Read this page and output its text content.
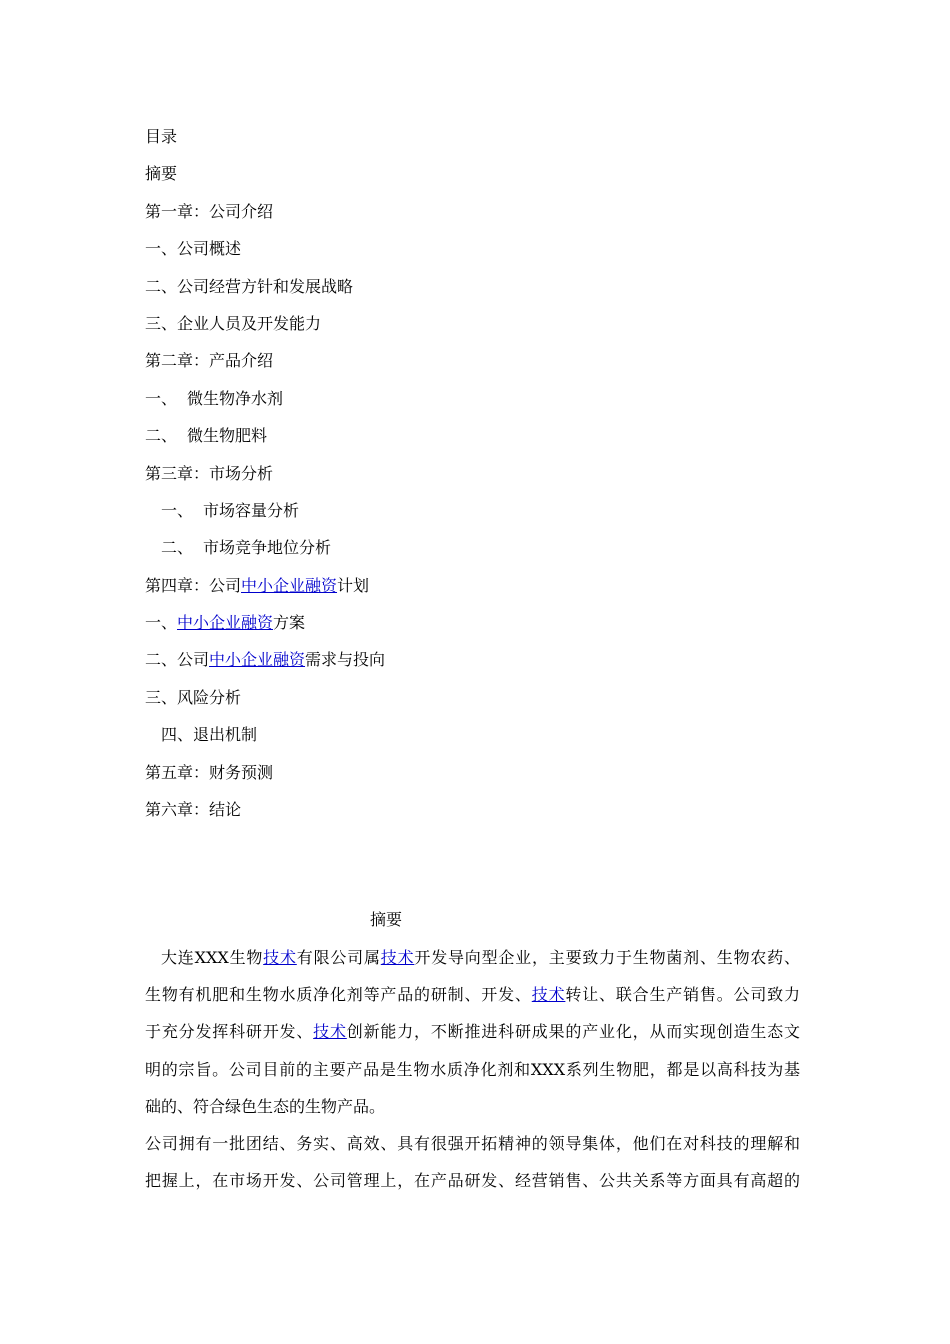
目录
摘要
第一章：公司介绍
一、公司概述
二、公司经营方针和发展战略
三、企业人员及开发能力
第二章：产品介绍
一、 微生物净水剂
二、 微生物肥料
第三章：市场分析
一、 市场容量分析
二、 市场竞争地位分析
第四章：公司中小企业融资计划
一、中小企业融资方案
二、公司中小企业融资需求与投向
三、风险分析
四、退出机制
第五章：财务预测
第六章：结论
摘要
大连XXX生物技术有限公司属技术开发导向型企业，主要致力于生物菌剂、生物农药、
生物有机肥和生物水质净化剂等产品的研制、开发、技术转让、联合生产销售。公司致力
于充分发挥科研开发、技术创新能力，不断推进科研成果的产业化，从而实现创造生态文
明的宗旨。公司目前的主要产品是生物水质净化剂和XXX系列生物肥，都是以高科技为基
础的、符合绿色生态的生物产品。
公司拥有一批团结、务实、高效、具有很强开拓精神的领导集体，他们在对科技的理解和
把握上，在市场开发、公司管理上，在产品研发、经营销售、公共关系等方面具有高超的
